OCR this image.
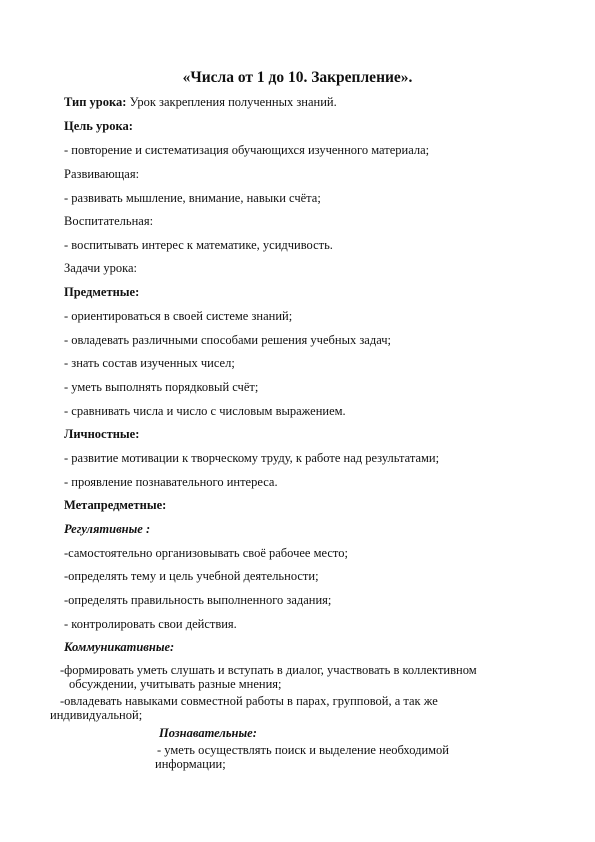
«Числа от 1 до 10. Закрепление».
Тип урока: Урок закрепления полученных знаний.
Цель урока:
- повторение и систематизация обучающихся изученного материала;
Развивающая:
- развивать мышление, внимание, навыки счёта;
Воспитательная:
- воспитывать интерес к математике, усидчивость.
Задачи урока:
Предметные:
- ориентироваться в своей системе знаний;
- овладевать различными способами решения учебных задач;
- знать состав изученных чисел;
- уметь выполнять порядковый счёт;
- сравнивать числа и число с числовым выражением.
Личностные:
- развитие мотивации к творческому труду, к работе над результатами;
- проявление познавательного интереса.
Метапредметные:
Регулятивные :
-самостоятельно организовывать своё рабочее место;
-определять тему и цель учебной деятельности;
-определять правильность выполненного задания;
- контролировать свои действия.
Коммуникативные:
-формировать уметь слушать и вступать в диалог, участвовать в коллективном
обсуждении, учитывать разные мнения;
-овладевать навыками совместной работы в парах, групповой, а так же
индивидуальной;
Познавательные:
- уметь осуществлять поиск и выделение необходимой
информации;
